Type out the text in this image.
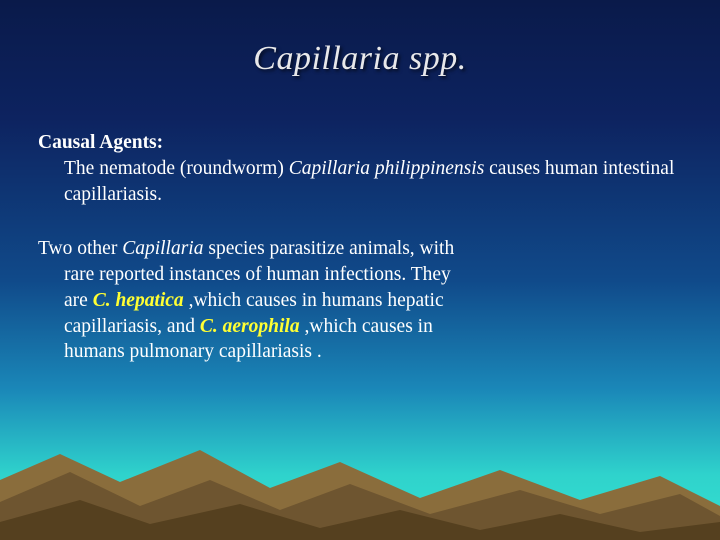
Capillaria spp.
Causal Agents:
The nematode (roundworm) Capillaria philippinensis causes human intestinal capillariasis.
Two other Capillaria species parasitize animals, with
rare reported instances of human infections. They
are C. hepatica ,which causes in humans hepatic
capillariasis, and C. aerophila ,which causes in
humans pulmonary capillariasis .
